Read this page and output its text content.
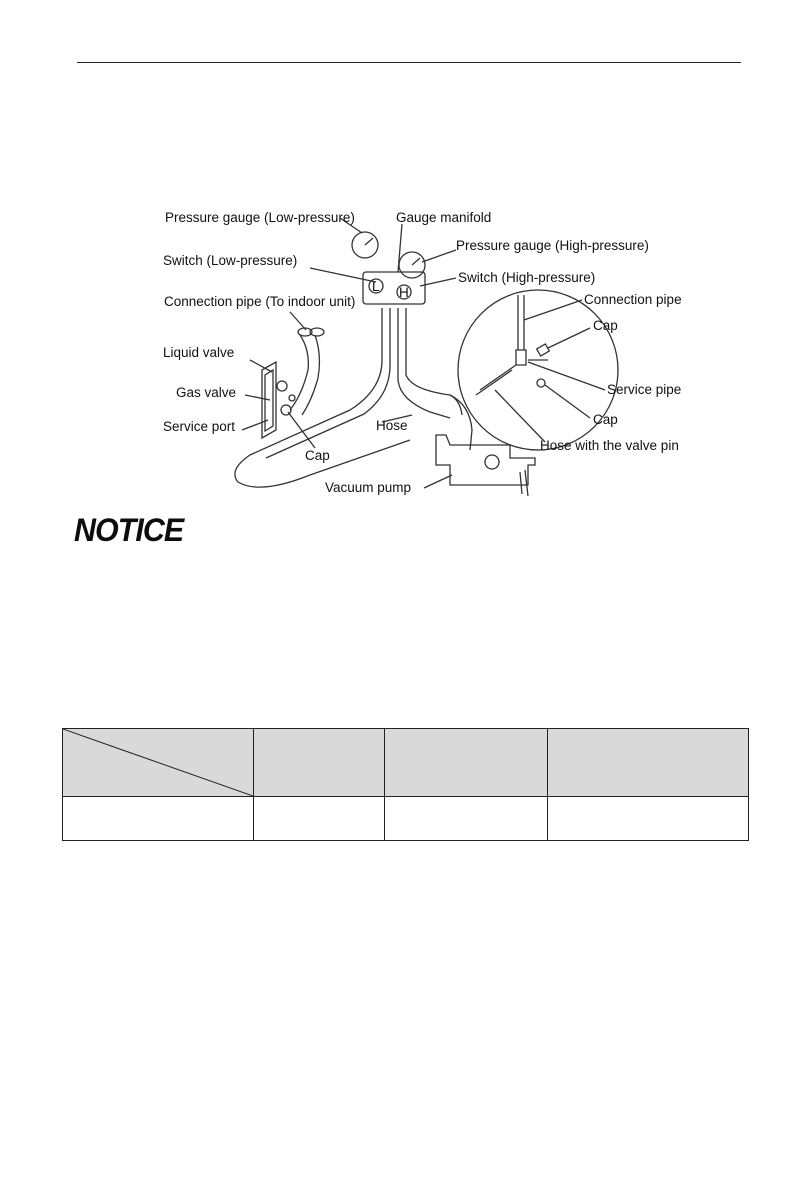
L H
Pressure gauge (Low-pressure)	Gauge manifold
Pressure gauge (High-pressure)
Switch (Low-pressure)
Switch (High-pressure)
Connection pipe (To indoor unit)	Connection pipe
Liquid valve
Cap
Gas valve	Service pipe
Service port	Hose	Cap
Hose with the valve pin
Cap
Vacuum pump
NOTICE
